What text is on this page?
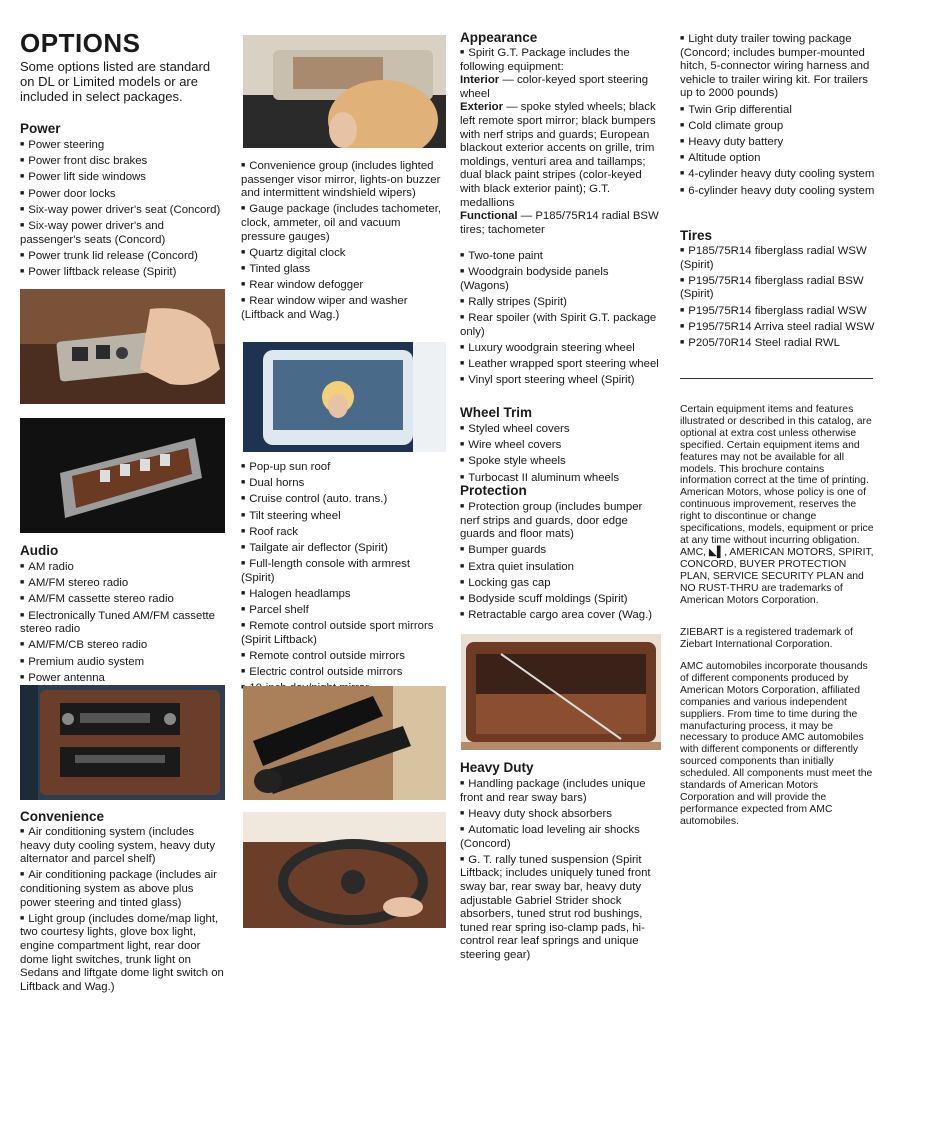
OPTIONS

Some options listed are standard on DL or Limited models or are included in select packages.

Power
■ Power steering
■ Power front disc brakes
■ Power lift side windows
■ Power door locks
■ Six-way power driver's seat (Concord)
■ Six-way power driver's and passenger's seats (Concord)
■ Power trunk lid release (Concord)
■ Power liftback release (Spirit)
Audio
■ AM radio
■ AM/FM stereo radio
■ AM/FM cassette stereo radio
■ Electronically Tuned AM/FM cassette stereo radio
■ AM/FM/CB stereo radio
■ Premium audio system
■ Power antenna
Convenience
■ Air conditioning system (includes heavy duty cooling system, heavy duty alternator and parcel shelf)
■ Air conditioning package (includes air conditioning system as above plus power steering and tinted glass)
■ Light group (includes dome/map light, two courtesy lights, glove box light, engine compartment light, rear door dome light switches, trunk light on Sedans and liftgate dome light switch on Liftback and Wag.)
■ Convenience group (includes lighted passenger visor mirror, lights-on buzzer and intermittent windshield wipers)
■ Gauge package (includes tachometer, clock, ammeter, oil and vacuum pressure gauges)
■ Quartz digital clock
■ Tinted glass
■ Rear window defogger
■ Rear window wiper and washer (Liftback and Wag.)
■ Pop-up sun roof
■ Dual horns
■ Cruise control (auto. trans.)
■ Tilt steering wheel
■ Roof rack
■ Tailgate air deflector (Spirit)
■ Full-length console with armrest (Spirit)
■ Halogen headlamps
■ Parcel shelf
■ Remote control outside sport mirrors (Spirit Liftback)
■ Remote control outside mirrors
■ Electric control outside mirrors
■
Appearance
■ Spirit G.T. Package includes the following equipment:
Interior — color-keyed sport steering wheel
Exterior — spoke styled wheels; black left remote sport mirror; black bumpers with nerf strips and guards; European blackout exterior accents on grille, trim moldings, venturi area and taillamps; dual black paint stripes (color-keyed with black exterior paint); G.T. medallions
Functional — P185/75R14 radial BSW tires; tachometer
■ Two-tone paint
■ Woodgrain bodyside panels (Wagons)
■ Rally stripes (Spirit)
■ Rear spoiler (with Spirit G.T. package only)
■ Luxury woodgrain steering wheel
■ Leather wrapped sport steering wheel
■ Vinyl sport steering wheel (Spirit)
Wheel Trim
■ Styled wheel covers
■ Wire wheel covers
■ Spoke style wheels
■ Turbocast II aluminum wheels
Protection
■ Protection group (includes bumper nerf strips and guards, door edge guards and floor mats)
■ Bumper guards
■ Extra quiet insulation
■ Locking gas cap
■ Bodyside scuff moldings (Spirit)
■ Retractable cargo area cover (Wag.)
Heavy Duty
■ Handling package (includes unique front and rear sway bars)
■ Heavy duty shock absorbers
■ Automatic load leveling air shocks (Concord)
■ G. T. rally tuned suspension (Spirit Liftback; includes uniquely tuned front sway bar, rear sway bar, heavy duty adjustable Gabriel Strider shock absorbers, tuned strut rod bushings, tuned rear spring iso-clamp pads, hi-control rear leaf springs and unique steering gear)
■ Light duty trailer towing package (Concord; includes bumper-mounted hitch, 5-connector wiring harness and vehicle to trailer wiring kit. For trailers up to 2000 pounds)
■ Twin Grip differential
■ Cold climate group
■ Heavy duty battery
■ Altitude option
■ 4-cylinder heavy duty cooling system
■ 6-cylinder heavy duty cooling system
Tires
■ P185/75R14 fiberglass radial WSW (Spirit)
■ P195/75R14 fiberglass radial BSW (Spirit)
■ P195/75R14 fiberglass radial WSW
■ P195/75R14 Arriva steel radial WSW
■ P205/70R14 Steel radial RWL

Certain equipment items and features illustrated or described in this catalog, are optional at extra cost unless otherwise specified. Certain equipment items and features may not be available for all models. This brochure contains information correct at the time of printing. American Motors, whose policy is one of continuous improvement, reserves the right to discontinue or change specifications, models, equipment or price at any time without incurring obligation. AMC, ◣▌, AMERICAN MOTORS, SPIRIT, CONCORD, BUYER PROTECTION PLAN, SERVICE SECURITY PLAN and NO RUST-THRU are trademarks of American Motors Corporation.

ZIEBART is a registered trademark of Ziebart International Corporation.

AMC automobiles incorporate thousands of different components produced by American Motors Corporation, affiliated companies and various independent suppliers. From time to time during the manufacturing process, it may be necessary to produce AMC automobiles with different components or differently sourced components than initially scheduled. All components must meet the standards of American Motors Corporation and will provide the performance expected from AMC automobiles.
